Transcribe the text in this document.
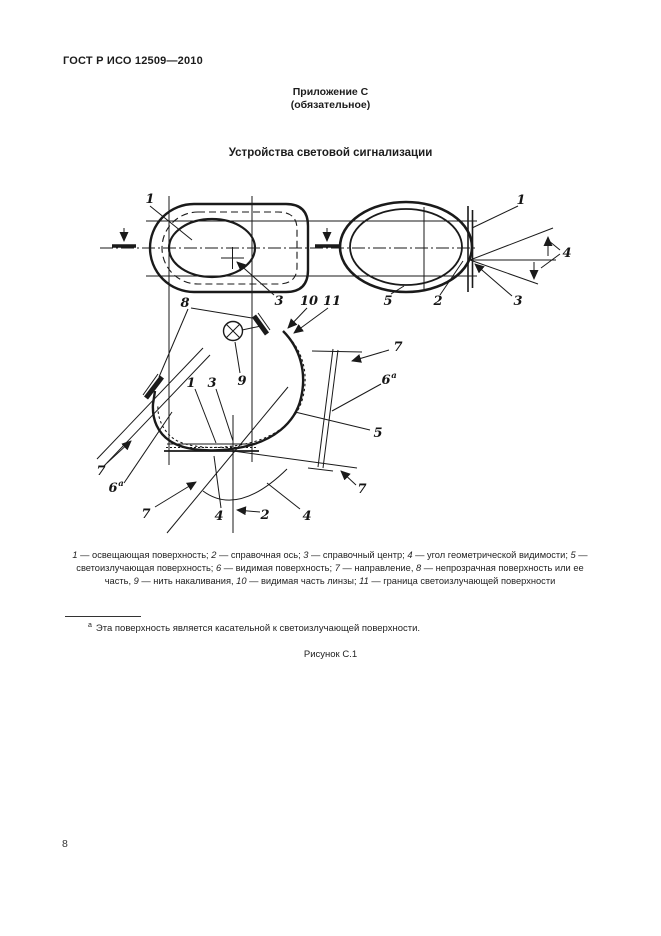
ГОСТ Р ИСО 12509—2010
Приложение С
(обязательное)
Устройства световой сигнализации
1	1
4
3 10 11	5	2	3
8
7
6 а
9
1 3
5
7
6 а
7
7
4	2	4
1 — освещающая поверхность; 2 — справочная ось; 3 — справочный центр; 4 — угол геометрической видимости; 5 — светоизлучающая поверхность; 6 — видимая поверхность; 7 — направление, 8 — непрозрачная поверхность или ее часть, 9 — нить накаливания, 10 — видимая часть линзы; 11 — граница светоизлучающей поверхности
$^а$ Эта поверхность является касательной к светоизлучающей поверхности.
Рисунок С.1
8
